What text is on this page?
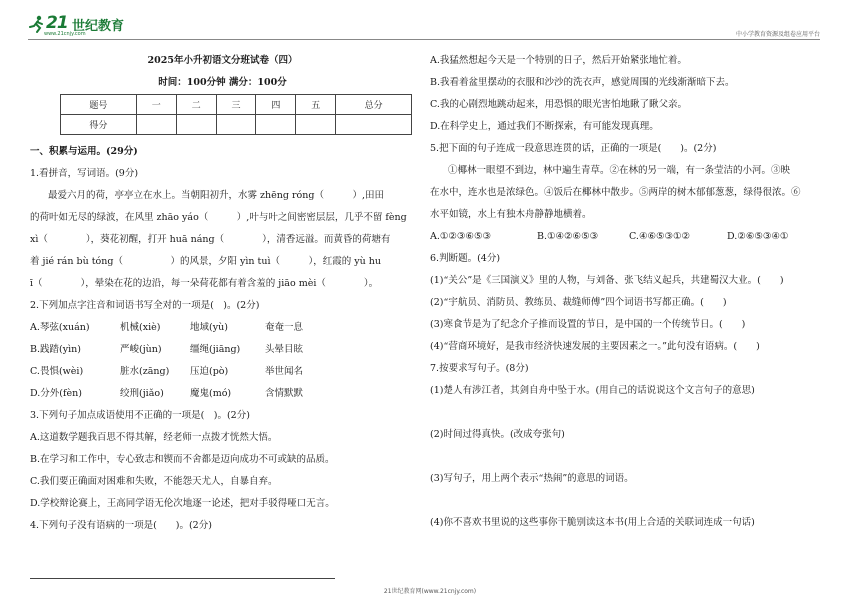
21 世纪教育
www.21cnjy.com	中小学教育资源及组卷应用平台
2025年小升初语文分班试卷（四）
时间：100分钟 满分：100分
题号	一	二	三	四	五	总分
得分						
一、积累与运用。(29分)
1.看拼音，写词语。(9分)
最爱六月的荷，亭亭立在水上。当朝阳初升，水雾 zhēng róng（　　　）,田田
的荷叶如无尽的绿波，在风里 zhāo yáo（　　　）,叶与叶之间密密层层，几乎不留 fèng
xì（　　　　），葵花初醒，打开 huā náng（　　　　），清香远溢。而黄昏的荷塘有
着 jié rán bù tóng（　　　　　）的风景，夕阳 yìn tuì（　　　），红霞的 yù hu
ī（　　　　），晕染在花的边沿，每一朵荷花都有着含羞的 jiāo mèi（　　　　）。
2.下列加点字注音和词语书写全对的一项是(　)。(2分)
A.琴弦(xuán)	机械(xiè)	地域(yù)	奄奄一息
B.践踏(yìn)	严峻(jùn)	缰绳(jiāng)	头晕目眩
C.畏惧(wèi)	脏水(zāng)	压迫(pò)	举世闻名
D.分外(fèn)	绞刑(jiǎo)	魔鬼(mó)	含情默默
3.下列句子加点成语使用不正确的一项是(　)。(2分)
A.这道数学题我百思不得其解，经老师一点拨才恍然大悟。
B.在学习和工作中，专心致志和锲而不舍都是迈向成功不可或缺的品质。
C.我们要正确面对困难和失败，不能怨天尤人，自暴自弃。
D.学校辩论赛上，王高同学语无伦次地逐一论述，把对手驳得哑口无言。
4.下列句子没有语病的一项是(　　)。(2分)
A.我猛然想起今天是一个特别的日子，然后开始紧张地忙着。
B.我看着盆里摆动的衣服和沙沙的洗衣声，感觉周围的光线渐渐暗下去。
C.我的心剧烈地跳动起来，用恐惧的眼光害怕地瞅了瞅父亲。
D.在科学史上，通过我们不断探索，有可能发现真理。
5.把下面的句子连成一段意思连贯的话，正确的一项是(　　)。(2分)
①椰林一眼望不到边，林中遍生青草。②在林的另一端，有一条莹洁的小河。③映
在水中，连水也是浓绿色。④饭后在椰林中散步。⑤两岸的树木郁郁葱葱，绿得很浓。⑥
水平如镜，水上有独木舟静静地横着。
A.①②③⑥⑤③	B.①④②⑥⑤③	C.④⑥⑤③①②	D.②⑥⑤③④①
6.判断题。(4分)
(1)“关公”是《三国演义》里的人物，与刘备、张飞结义起兵，共建蜀汉大业。(　　)
(2)“宇航员、消防员、教练员、裁缝师傅”四个词语书写都正确。(　　)
(3)寒食节是为了纪念介子推而设置的节日，是中国的一个传统节日。(　　)
(4)“营商环境好，是我市经济快速发展的主要因素之一。”此句没有语病。(　　)
7.按要求写句子。(8分)
(1)楚人有涉江者，其剑自舟中坠于水。(用自己的话说说这个文言句子的意思)
(2)时间过得真快。(改成夸张句)
(3)写句子，用上两个表示“热闹”的意思的词语。
(4)你不喜欢书里说的这些事你干脆别读这本书(用上合适的关联词连成一句话)
21世纪教育网(www.21cnjy.com)
